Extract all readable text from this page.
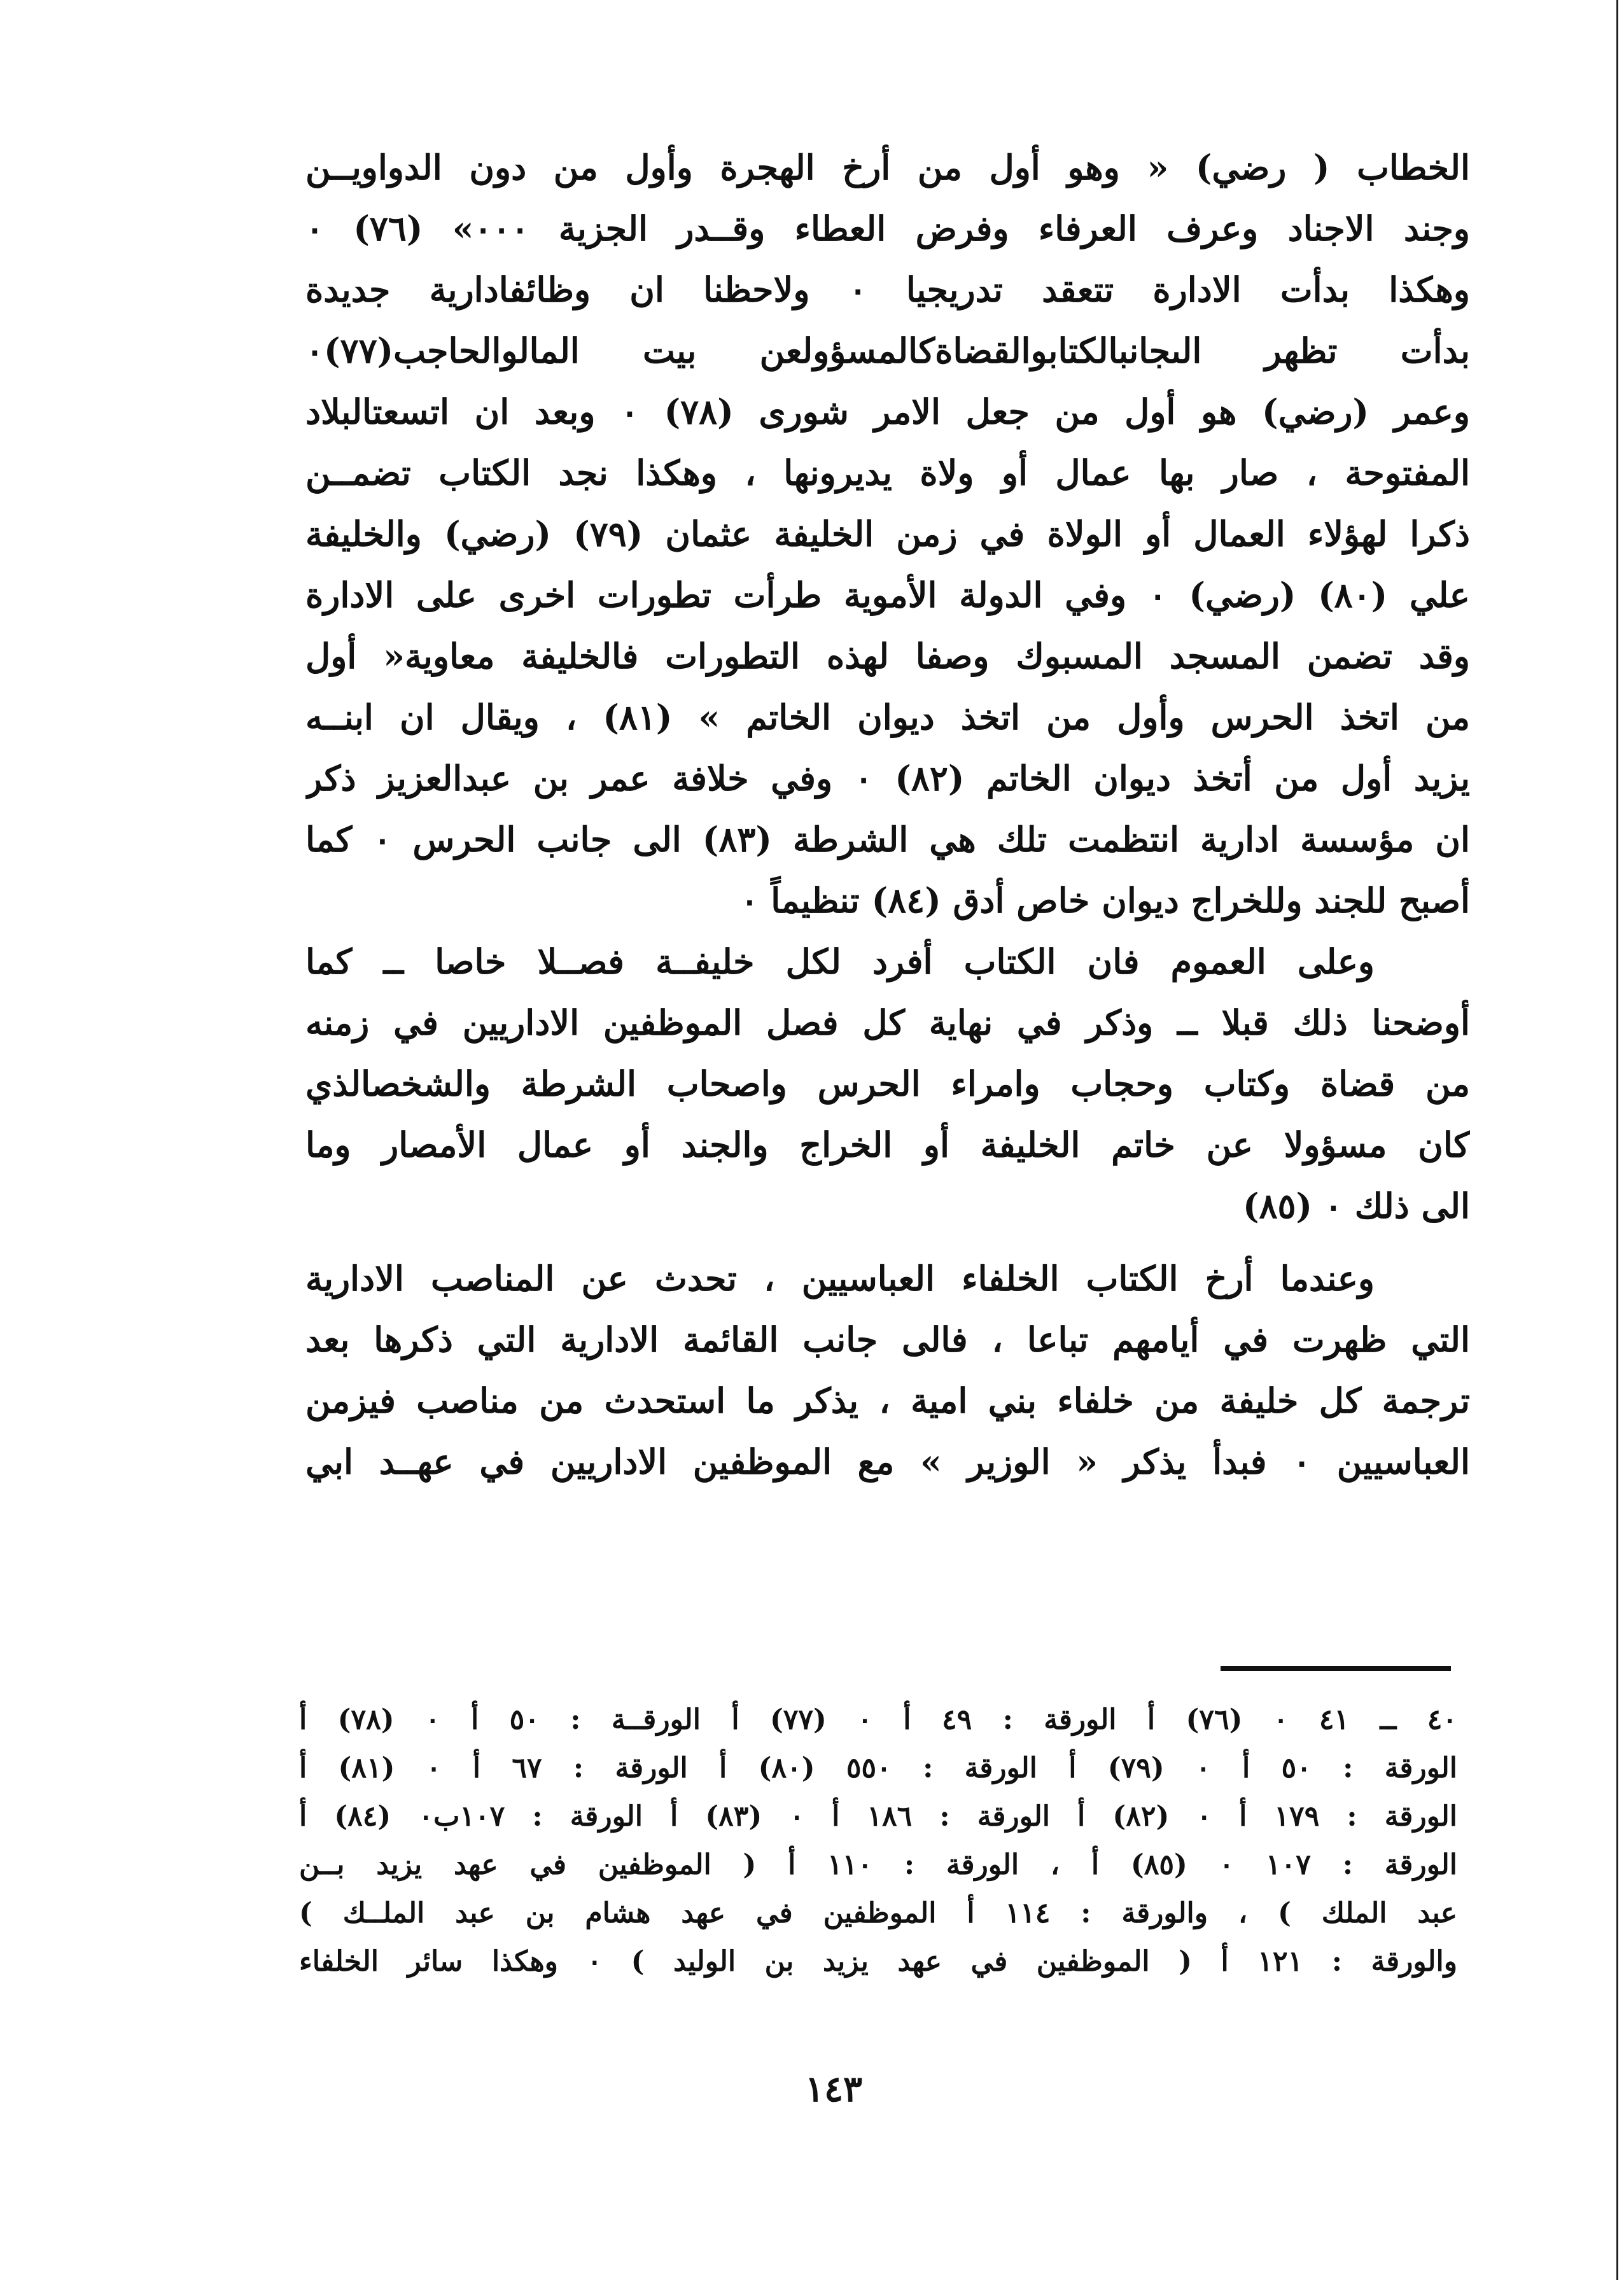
الخطاب ( رضي) « وهو أول من أرخ الهجرة وأول من دون الدواويــن
وجند الاجناد وعرف العرفاء وفرض العطاء وقــدر الجزية ٠٠٠» (٧٦) ٠
وهكذا بدأت الادارة تتعقد تدريجيا ٠ ولاحظنا ان وظائفادارية جديدة
بدأت تظهر الىجانبالكتابوالقضاةكالمسؤولعن بيت المالوالحاجب(٧٧)٠
وعمر (رضي) هو أول من جعل الامر شورى (٧٨) ٠ وبعد ان اتسعتالبلاد
المفتوحة ، صار بها عمال أو ولاة يديرونها ، وهكذا نجد الكتاب تضمــن
ذكرا لهؤلاء العمال أو الولاة في زمن الخليفة عثمان (٧٩) (رضي) والخليفة
علي (٨٠) (رضي) ٠ وفي الدولة الأموية طرأت تطورات اخرى على الادارة
وقد تضمن المسجد المسبوك وصفا لهذه التطورات فالخليفة معاوية« أول
من اتخذ الحرس وأول من اتخذ ديوان الخاتم » (٨١) ، ويقال ان ابنــه
يزيد أول من أتخذ ديوان الخاتم (٨٢) ٠ وفي خلافة عمر بن عبدالعزيز ذكر
ان مؤسسة ادارية انتظمت تلك هي الشرطة (٨٣) الى جانب الحرس ٠ كما
أصبح للجند وللخراج ديوان خاص أدق (٨٤) تنظيماً ٠
وعلى العموم فان الكتاب أفرد لكل خليفــة فصــلا خاصا ــ كما
أوضحنا ذلك قبلا ــ وذكر في نهاية كل فصل الموظفين الاداريين في زمنه
من قضاة وكتاب وحجاب وامراء الحرس واصحاب الشرطة والشخصالذي
كان مسؤولا عن خاتم الخليفة أو الخراج والجند أو عمال الأمصار وما
الى ذلك ٠ (٨٥)
وعندما أرخ الكتاب الخلفاء العباسيين ، تحدث عن المناصب الادارية
التي ظهرت في أيامهم تباعا ، فالى جانب القائمة الادارية التي ذكرها بعد
ترجمة كل خليفة من خلفاء بني امية ، يذكر ما استحدث من مناصب فيزمن
العباسيين ٠ فبدأ يذكر « الوزير » مع الموظفين الاداريين في عهــد ابي
٤٠ ــ ٤١ ٠ (٧٦) أ الورقة : ٤٩ أ ٠ (٧٧) أ الورقــة : ٥٠ أ ٠ (٧٨) أ
الورقة : ٥٠ أ ٠ (٧٩) أ الورقة : ٥٥٠ (٨٠) أ الورقة : ٦٧ أ ٠ (٨١) أ
الورقة : ١٧٩ أ ٠ (٨٢) أ الورقة : ١٨٦ أ ٠ (٨٣) أ الورقة : ١٠٧ب٠ (٨٤) أ
الورقة : ١٠٧ ٠ (٨٥) أ ، الورقة : ١١٠ أ ( الموظفين في عهد يزيد بــن
عبد الملك ) ، والورقة : ١١٤ أ الموظفين في عهد هشام بن عبد الملــك )
والورقة : ١٢١ أ ( الموظفين في عهد يزيد بن الوليد ) ٠ وهكذا سائر الخلفاء
١٤٣
